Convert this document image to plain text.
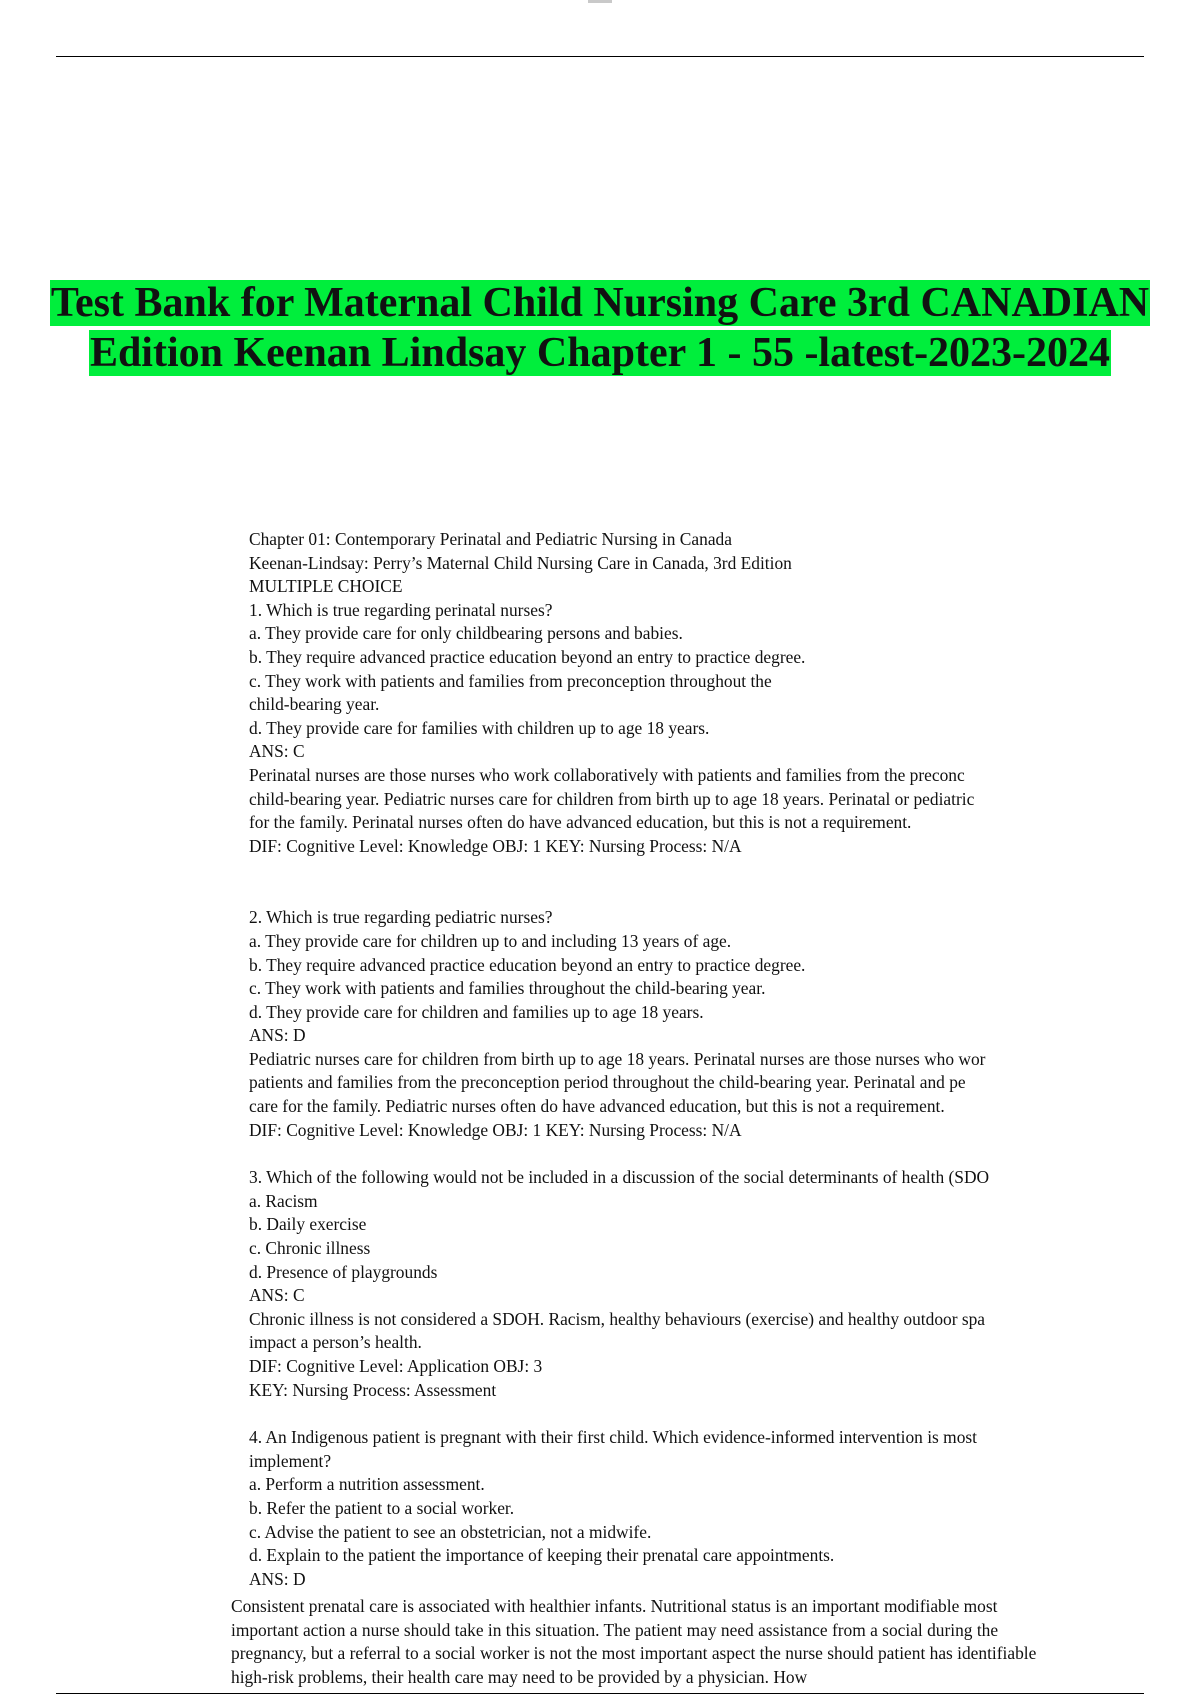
Test Bank for Maternal Child Nursing Care 3rd CANADIAN Edition Keenan Lindsay Chapter 1 - 55 -latest-2023-2024
Chapter 01: Contemporary Perinatal and Pediatric Nursing in Canada
Keenan-Lindsay: Perry’s Maternal Child Nursing Care in Canada, 3rd Edition
MULTIPLE CHOICE
1. Which is true regarding perinatal nurses?
a. They provide care for only childbearing persons and babies.
b. They require advanced practice education beyond an entry to practice degree.
c. They work with patients and families from preconception throughout the
child-bearing year.
d. They provide care for families with children up to age 18 years.
ANS: C
Perinatal nurses are those nurses who work collaboratively with patients and families from the preconc
child-bearing year. Pediatric nurses care for children from birth up to age 18 years. Perinatal or pediatric
for the family. Perinatal nurses often do have advanced education, but this is not a requirement.
DIF: Cognitive Level: Knowledge OBJ: 1 KEY: Nursing Process: N/A
2. Which is true regarding pediatric nurses?
a. They provide care for children up to and including 13 years of age.
b. They require advanced practice education beyond an entry to practice degree.
c. They work with patients and families throughout the child-bearing year.
d. They provide care for children and families up to age 18 years.
ANS: D
Pediatric nurses care for children from birth up to age 18 years. Perinatal nurses are those nurses who wor
patients and families from the preconception period throughout the child-bearing year. Perinatal and pe
care for the family. Pediatric nurses often do have advanced education, but this is not a requirement.
DIF: Cognitive Level: Knowledge OBJ: 1 KEY: Nursing Process: N/A
3. Which of the following would not be included in a discussion of the social determinants of health (SDO
a. Racism
b. Daily exercise
c. Chronic illness
d. Presence of playgrounds
ANS: C
Chronic illness is not considered a SDOH. Racism, healthy behaviours (exercise) and healthy outdoor spa
impact a person’s health.
DIF: Cognitive Level: Application OBJ: 3
KEY: Nursing Process: Assessment
4. An Indigenous patient is pregnant with their first child. Which evidence-informed intervention is most
implement?
a. Perform a nutrition assessment.
b. Refer the patient to a social worker.
c. Advise the patient to see an obstetrician, not a midwife.
d. Explain to the patient the importance of keeping their prenatal care appointments.
ANS: D
Consistent prenatal care is associated with healthier infants. Nutritional status is an important modifiable most
important action a nurse should take in this situation. The patient may need assistance from a social during the
pregnancy, but a referral to a social worker is not the most important aspect the nurse should patient has identifiable
high-risk problems, their health care may need to be provided by a physician. How
